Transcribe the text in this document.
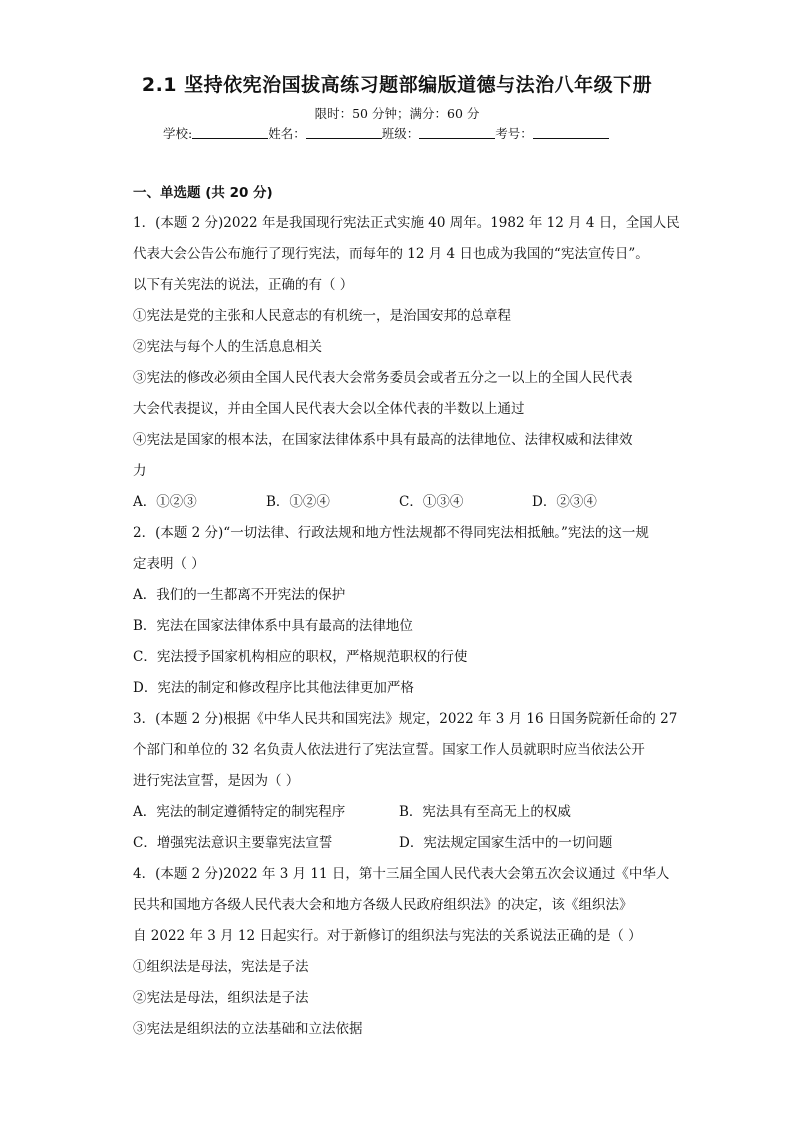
2.1 坚持依宪治国拔高练习题部编版道德与法治八年级下册
限时：50 分钟；满分：60 分
学校:	姓名：	班级：	考号：
一、单选题 (共 20 分)
1．(本题 2 分)2022 年是我国现行宪法正式实施 40 周年。1982 年 12 月 4 日，全国人民
代表大会公告公布施行了现行宪法，而每年的 12 月 4 日也成为我国的“宪法宣传日”。
以下有关宪法的说法，正确的有（ ）
①宪法是党的主张和人民意志的有机统一，是治国安邦的总章程
②宪法与每个人的生活息息相关
③宪法的修改必须由全国人民代表大会常务委员会或者五分之一以上的全国人民代表
大会代表提议，并由全国人民代表大会以全体代表的半数以上通过
④宪法是国家的根本法，在国家法律体系中具有最高的法律地位、法律权威和法律效
力
A．①②③	B．①②④	C．①③④	D．②③④
2．(本题 2 分)“一切法律、行政法规和地方性法规都不得同宪法相抵触。”宪法的这一规
定表明（ ）
A．我们的一生都离不开宪法的保护
B．宪法在国家法律体系中具有最高的法律地位
C．宪法授予国家机构相应的职权，严格规范职权的行使
D．宪法的制定和修改程序比其他法律更加严格
3．(本题 2 分)根据《中华人民共和国宪法》规定，2022 年 3 月 16 日国务院新任命的 27
个部门和单位的 32 名负责人依法进行了宪法宣誓。国家工作人员就职时应当依法公开
进行宪法宣誓，是因为（ ）
A．宪法的制定遵循特定的制宪程序	B．宪法具有至高无上的权威
C．增强宪法意识主要靠宪法宣誓	D．宪法规定国家生活中的一切问题
4．(本题 2 分)2022 年 3 月 11 日，第十三届全国人民代表大会第五次会议通过《中华人
民共和国地方各级人民代表大会和地方各级人民政府组织法》的决定，该《组织法》
自 2022 年 3 月 12 日起实行。对于新修订的组织法与宪法的关系说法正确的是（ ）
①组织法是母法，宪法是子法
②宪法是母法，组织法是子法
③宪法是组织法的立法基础和立法依据
